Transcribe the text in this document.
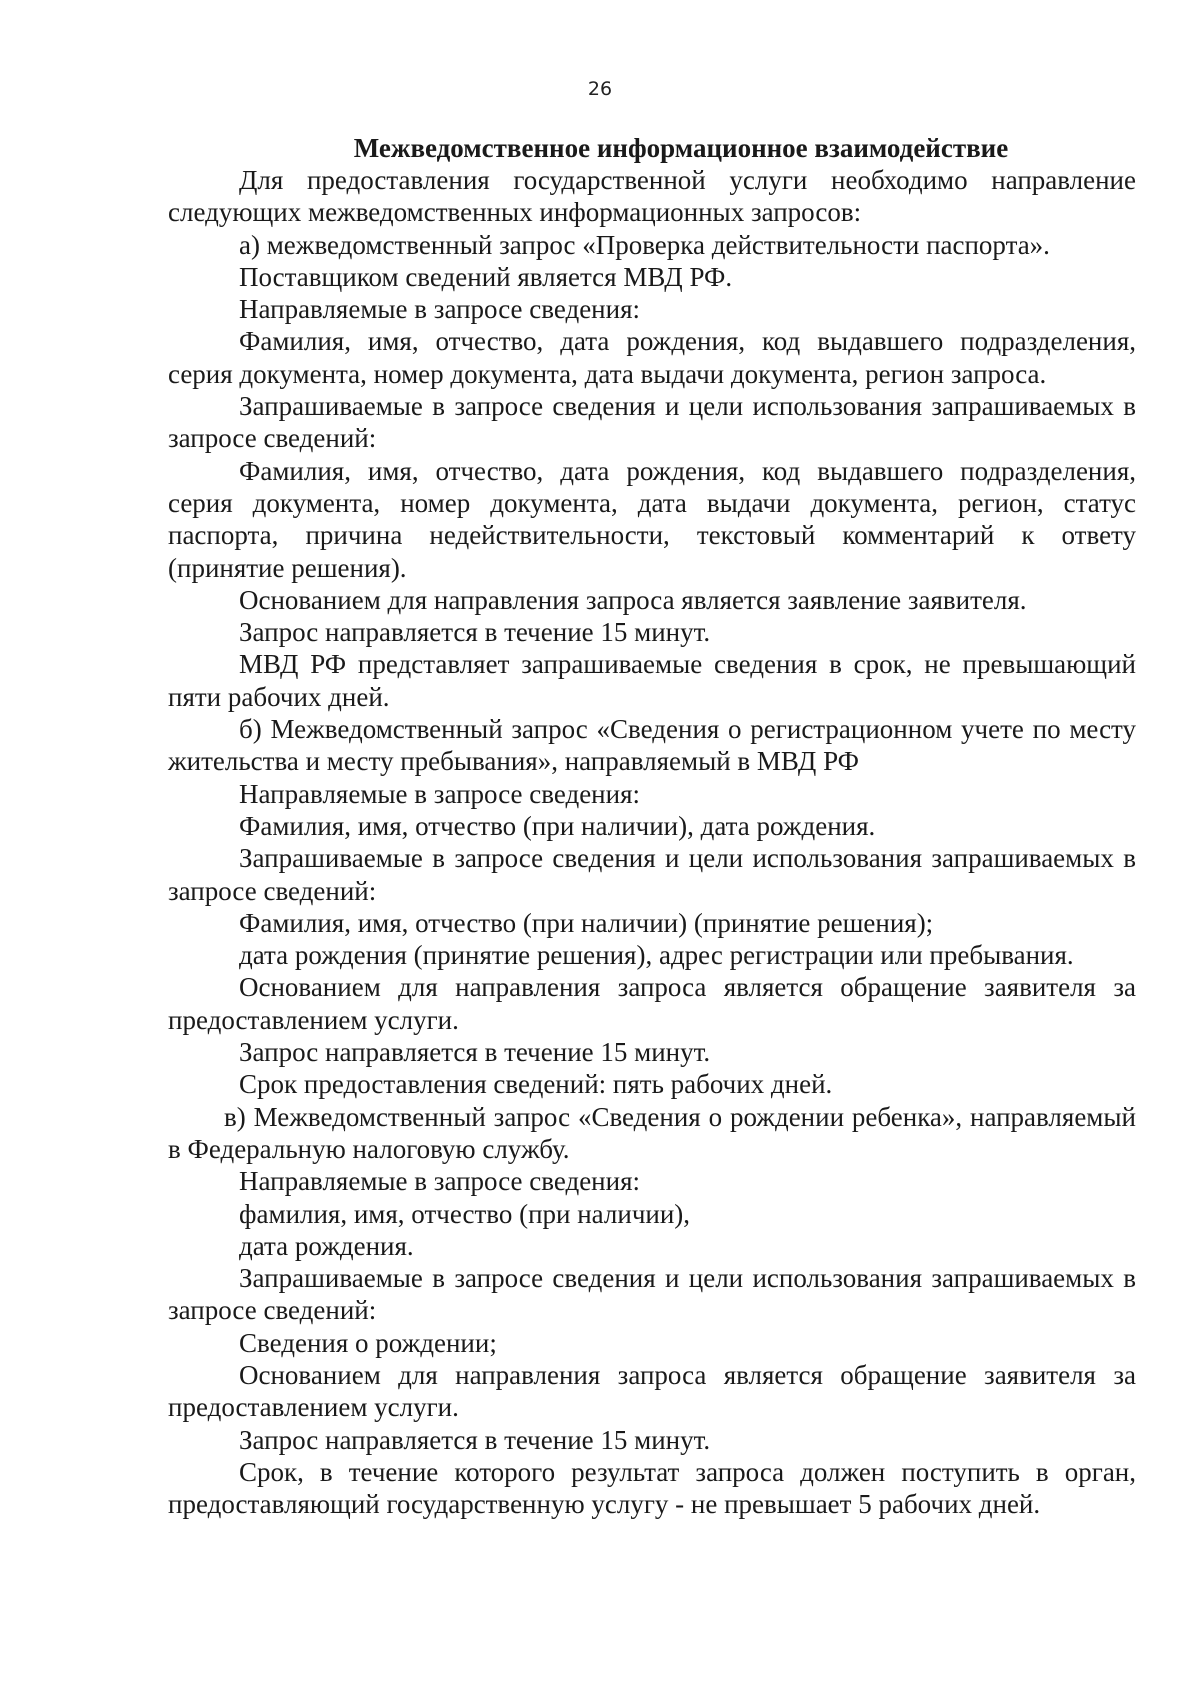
26
Межведомственное информационное взаимодействие

Для предоставления государственной услуги необходимо направление следующих межведомственных информационных запросов:

а) межведомственный запрос «Проверка действительности паспорта».

Поставщиком сведений является МВД РФ.

Направляемые в запросе сведения:

Фамилия, имя, отчество, дата рождения, код выдавшего подразделения, серия документа, номер документа, дата выдачи документа, регион запроса.

Запрашиваемые в запросе сведения и цели использования запрашиваемых в запросе сведений:

Фамилия, имя, отчество, дата рождения, код выдавшего подразделения, серия документа, номер документа, дата выдачи документа, регион, статус паспорта, причина недействительности, текстовый комментарий к ответу (принятие решения).

Основанием для направления запроса является заявление заявителя.

Запрос направляется в течение 15 минут.

МВД РФ представляет запрашиваемые сведения в срок, не превышающий пяти рабочих дней.

б) Межведомственный запрос «Сведения о регистрационном учете по месту жительства и месту пребывания», направляемый в МВД РФ

Направляемые в запросе сведения:

Фамилия, имя, отчество (при наличии), дата рождения.

Запрашиваемые в запросе сведения и цели использования запрашиваемых в запросе сведений:

Фамилия, имя, отчество (при наличии) (принятие решения);

дата рождения (принятие решения), адрес регистрации или пребывания.

Основанием для направления запроса является обращение заявителя за предоставлением услуги.

Запрос направляется в течение 15 минут.

Срок предоставления сведений: пять рабочих дней.

в) Межведомственный запрос «Сведения о рождении ребенка», направляемый в Федеральную налоговую службу.

Направляемые в запросе сведения:

фамилия, имя, отчество (при наличии),

дата рождения.

Запрашиваемые в запросе сведения и цели использования запрашиваемых в запросе сведений:

Сведения о рождении;

Основанием для направления запроса является обращение заявителя за предоставлением услуги.

Запрос направляется в течение 15 минут.

Срок, в течение которого результат запроса должен поступить в орган, предоставляющий государственную услугу - не превышает 5 рабочих дней.
